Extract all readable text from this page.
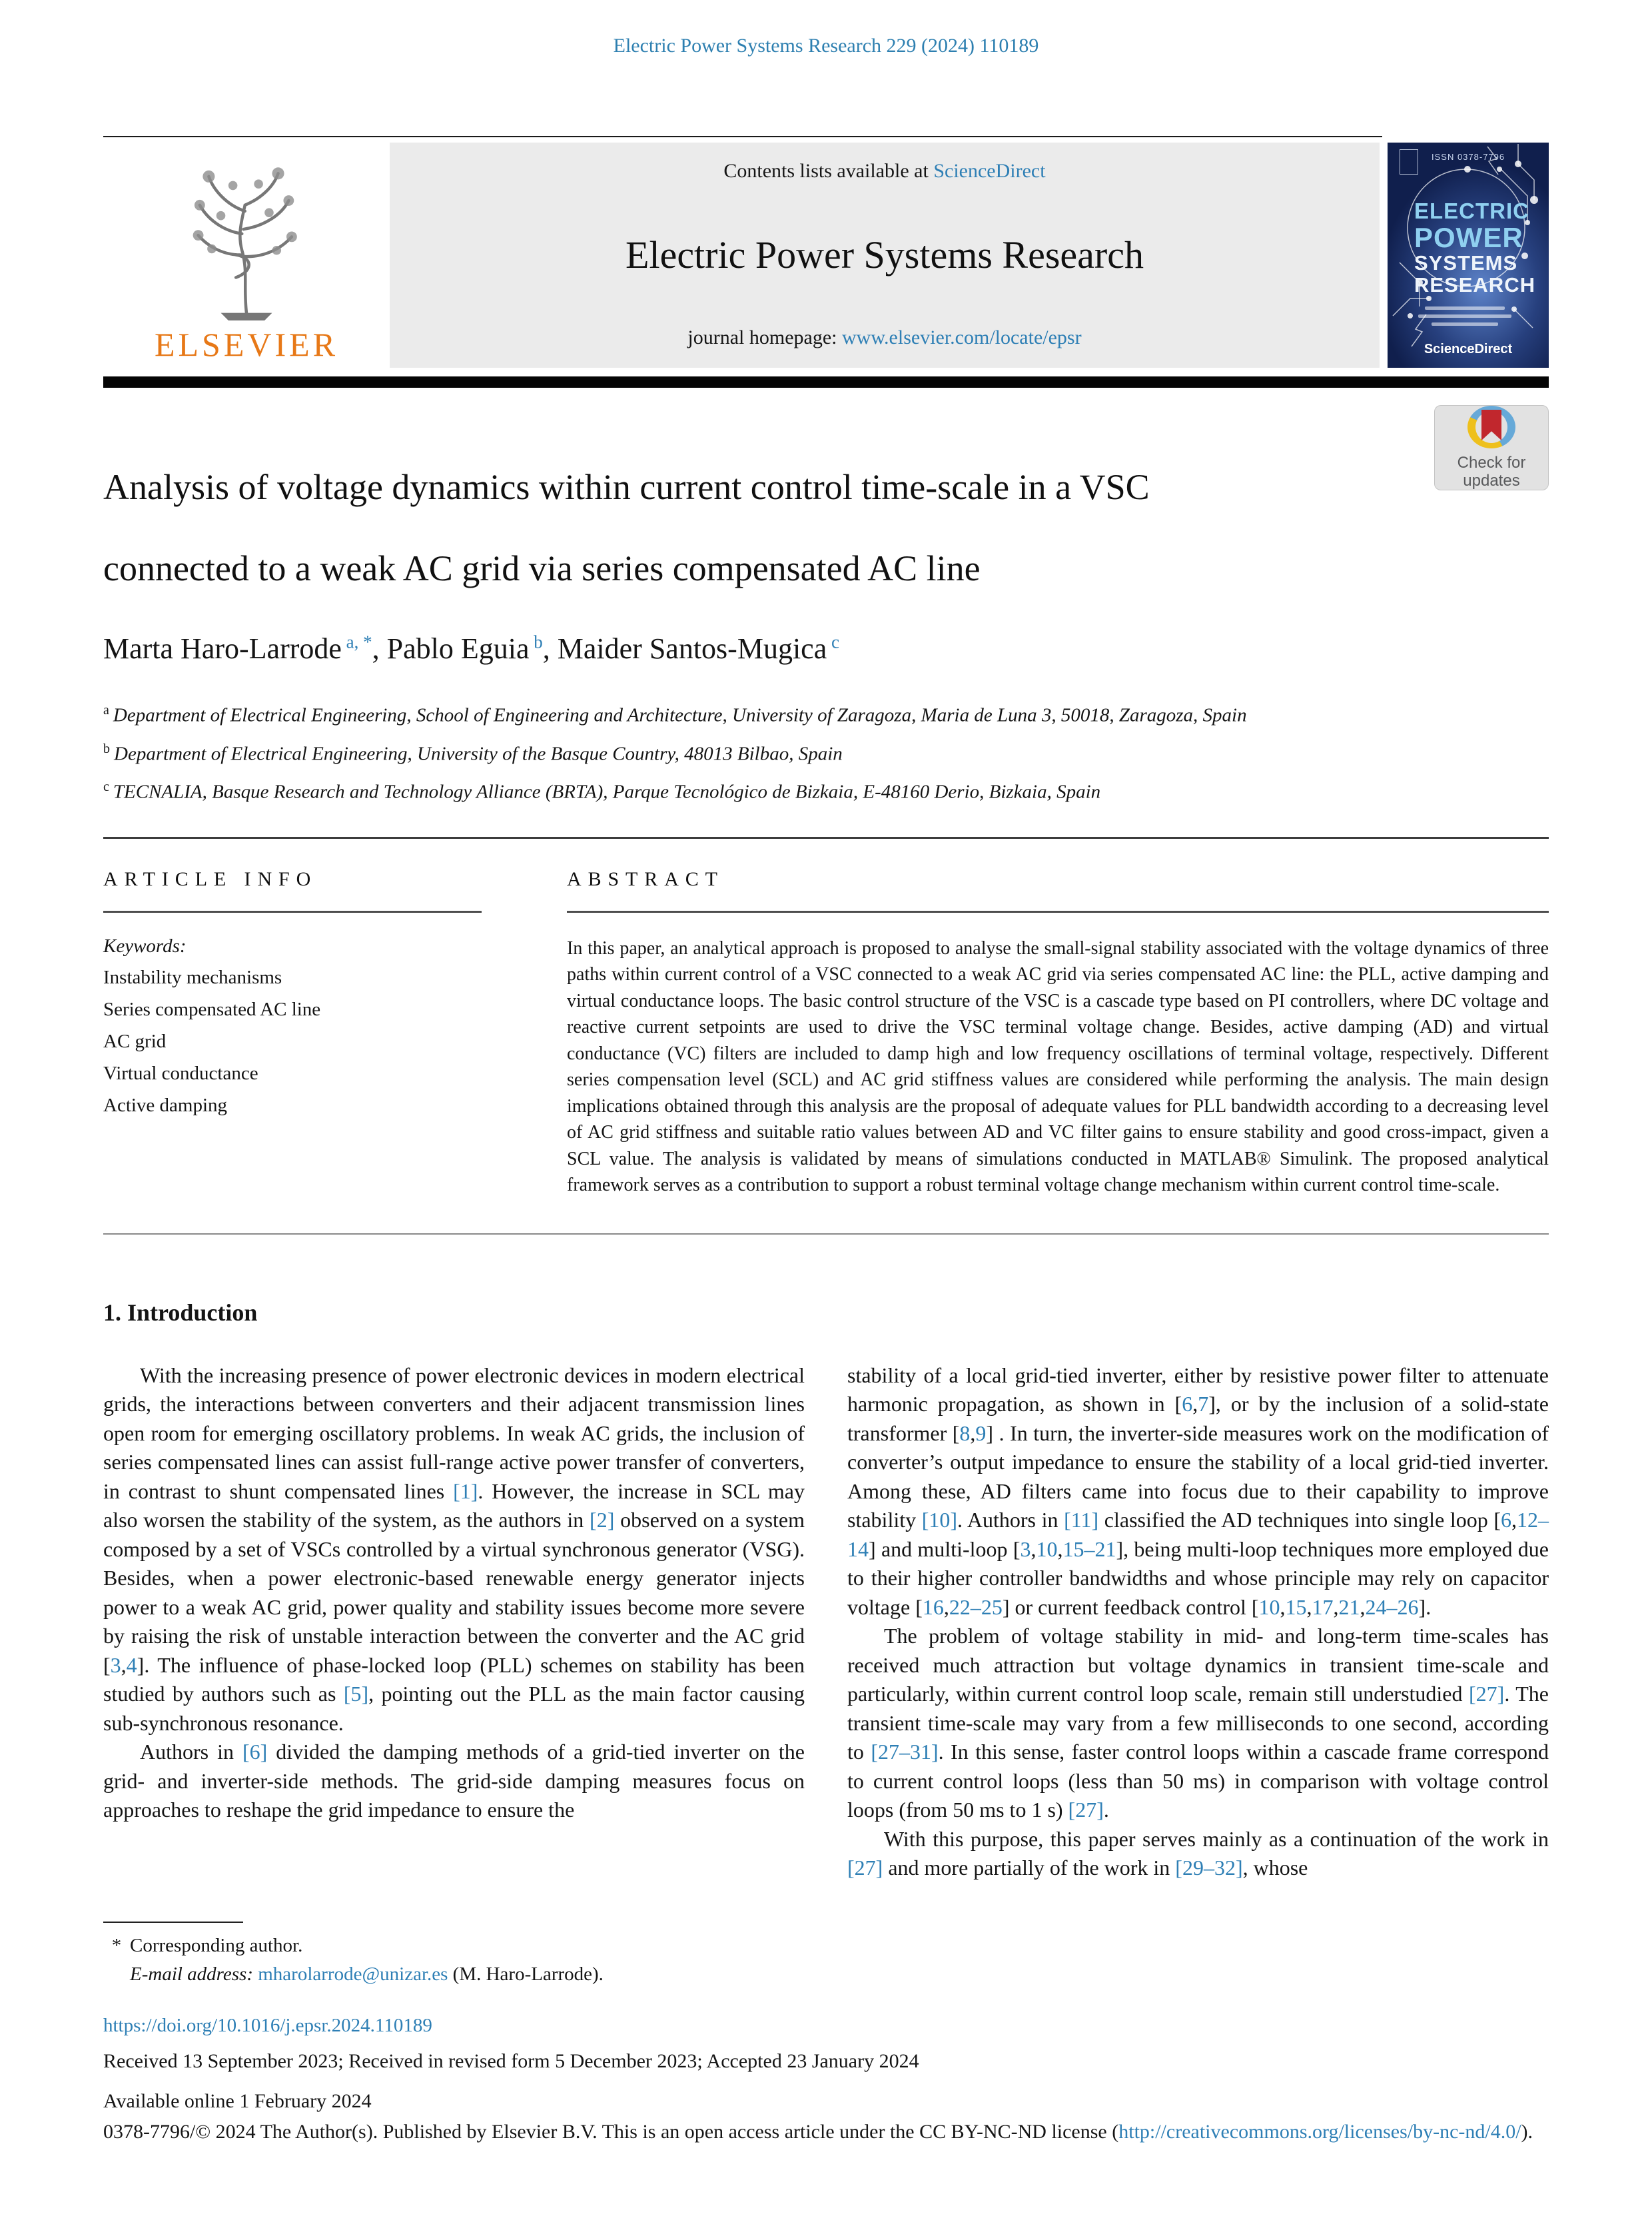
Electric Power Systems Research 229 (2024) 110189
ELSEVIER
Contents lists available at ScienceDirect
Electric Power Systems Research
journal homepage: www.elsevier.com/locate/epsr
ISSN 0378-7796
ELECTRIC
POWER
SYSTEMS
RESEARCH
ScienceDirect
Analysis of voltage dynamics within current control time-scale in a VSC
connected to a weak AC grid via series compensated AC line
Check for
updates
Marta Haro-Larrode $^{a, *}$, Pablo Eguia $^b$, Maider Santos-Mugica $^c$
$^a$ Department of Electrical Engineering, School of Engineering and Architecture, University of Zaragoza, Maria de Luna 3, 50018, Zaragoza, Spain
$^b$ Department of Electrical Engineering, University of the Basque Country, 48013 Bilbao, Spain
$^c$ TECNALIA, Basque Research and Technology Alliance (BRTA), Parque Tecnológico de Bizkaia, E-48160 Derio, Bizkaia, Spain
ARTICLE INFO
Keywords:
Instability mechanisms
Series compensated AC line
AC grid
Virtual conductance
Active damping
ABSTRACT
In this paper, an analytical approach is proposed to analyse the small-signal stability associated with the voltage dynamics of three paths within current control of a VSC connected to a weak AC grid via series compensated AC line: the PLL, active damping and virtual conductance loops. The basic control structure of the VSC is a cascade type based on PI controllers, where DC voltage and reactive current setpoints are used to drive the VSC terminal voltage change. Besides, active damping (AD) and virtual conductance (VC) filters are included to damp high and low frequency oscillations of terminal voltage, respectively. Different series compensation level (SCL) and AC grid stiffness values are considered while performing the analysis. The main design implications obtained through this analysis are the proposal of adequate values for PLL bandwidth according to a decreasing level of AC grid stiffness and suitable ratio values between AD and VC filter gains to ensure stability and good cross-impact, given a SCL value. The analysis is validated by means of simulations conducted in MATLAB® Simulink. The proposed analytical framework serves as a contribution to support a robust terminal voltage change mechanism within current control time-scale.
1. Introduction

With the increasing presence of power electronic devices in modern electrical grids, the interactions between converters and their adjacent transmission lines open room for emerging oscillatory problems. In weak AC grids, the inclusion of series compensated lines can assist full-range active power transfer of converters, in contrast to shunt compensated lines [1]. However, the increase in SCL may also worsen the stability of the system, as the authors in [2] observed on a system composed by a set of VSCs controlled by a virtual synchronous generator (VSG). Besides, when a power electronic-based renewable energy generator injects power to a weak AC grid, power quality and stability issues become more severe by raising the risk of unstable interaction between the converter and the AC grid [3,4]. The influence of phase-locked loop (PLL) schemes on stability has been studied by authors such as [5], pointing out the PLL as the main factor causing sub-synchronous resonance.

Authors in [6] divided the damping methods of a grid-tied inverter on the grid- and inverter-side methods. The grid-side damping measures focus on approaches to reshape the grid impedance to ensure the

stability of a local grid-tied inverter, either by resistive power filter to attenuate harmonic propagation, as shown in [6,7], or by the inclusion of a solid-state transformer [8,9] . In turn, the inverter-side measures work on the modification of converter’s output impedance to ensure the stability of a local grid-tied inverter. Among these, AD filters came into focus due to their capability to improve stability [10]. Authors in [11] classified the AD techniques into single loop [6,12–14] and multi-loop [3,10,15–21], being multi-loop techniques more employed due to their higher controller bandwidths and whose principle may rely on capacitor voltage [16,22–25] or current feedback control [10,15,17,21,24–26].

The problem of voltage stability in mid- and long-term time-scales has received much attraction but voltage dynamics in transient time-scale and particularly, within current control loop scale, remain still understudied [27]. The transient time-scale may vary from a few milliseconds to one second, according to [27–31]. In this sense, faster control loops within a cascade frame correspond to current control loops (less than 50 ms) in comparison with voltage control loops (from 50 ms to 1 s) [27].

With this purpose, this paper serves mainly as a continuation of the work in [27] and more partially of the work in [29–32], whose

* Corresponding author.
E-mail address: mharolarrode@unizar.es (M. Haro-Larrode).
https://doi.org/10.1016/j.epsr.2024.110189
Received 13 September 2023; Received in revised form 5 December 2023; Accepted 23 January 2024
Available online 1 February 2024
0378-7796/© 2024 The Author(s). Published by Elsevier B.V. This is an open access article under the CC BY-NC-ND license (http://creativecommons.org/licenses/by-nc-nd/4.0/).
